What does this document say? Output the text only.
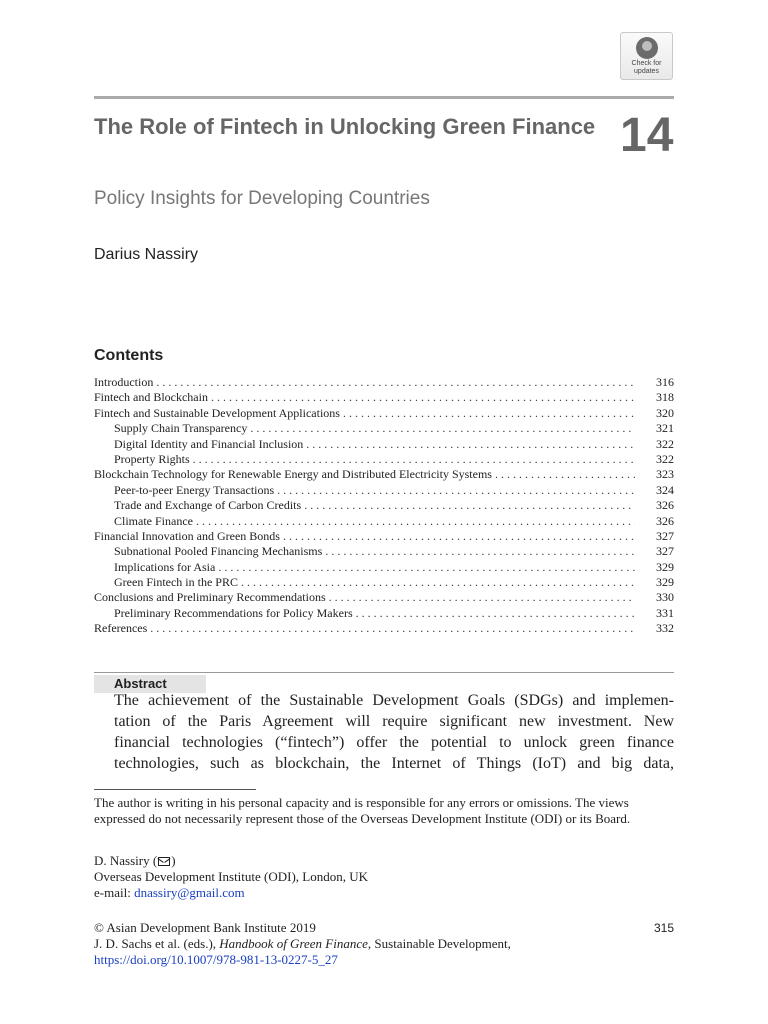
Check for
updates
The Role of Fintech in Unlocking Green Finance 14
Policy Insights for Developing Countries
Darius Nassiry
Contents
Introduction . . .	316
Fintech and Blockchain . . .	318
Fintech and Sustainable Development Applications . . .	320
Supply Chain Transparency . . .	321
Digital Identity and Financial Inclusion . . .	322
Property Rights . . .	322
Blockchain Technology for Renewable Energy and Distributed Electricity Systems . . .	323
Peer-to-peer Energy Transactions . . .	324
Trade and Exchange of Carbon Credits . . .	326
Climate Finance . . .	326
Financial Innovation and Green Bonds . . .	327
Subnational Pooled Financing Mechanisms . . .	327
Implications for Asia . . .	329
Green Fintech in the PRC . . .	329
Conclusions and Preliminary Recommendations . . .	330
Preliminary Recommendations for Policy Makers . . .	331
References . . .	332
Abstract
The achievement of the Sustainable Development Goals (SDGs) and implemen-
tation of the Paris Agreement will require significant new investment. New
financial technologies (“fintech”) offer the potential to unlock green finance
technologies, such as blockchain, the Internet of Things (IoT) and big data,
The author is writing in his personal capacity and is responsible for any errors or omissions. The views expressed do not necessarily represent those of the Overseas Development Institute (ODI) or its Board.
D. Nassiry ( )
Overseas Development Institute (ODI), London, UK
e-mail: dnassiry@gmail.com
© Asian Development Bank Institute 2019
J. D. Sachs et al. (eds.), Handbook of Green Finance, Sustainable Development,
https://doi.org/10.1007/978-981-13-0227-5_27
315
